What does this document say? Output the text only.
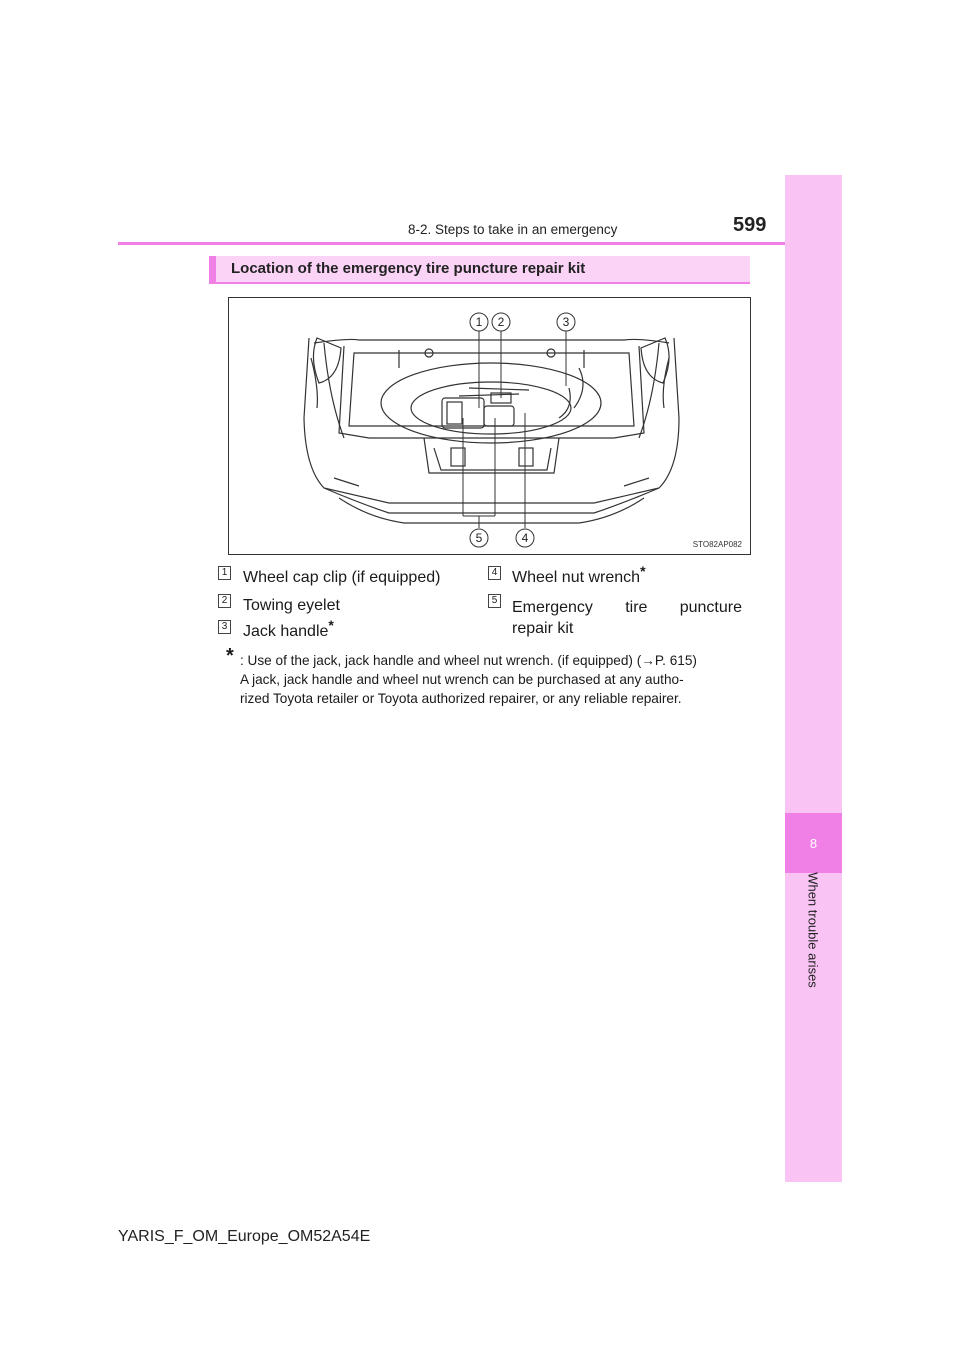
8
When trouble arises
8-2. Steps to take in an emergency	599
Location of the emergency tire puncture repair kit
1 2	3
4
5	STO82AP082
1 Wheel cap clip (if equipped)
2 Towing eyelet
3 Jack handle*
4 Wheel nut wrench*
5 Emergency tire puncture
repair kit
* : Use of the jack, jack handle and wheel nut wrench. (if equipped) (→P. 615)
A jack, jack handle and wheel nut wrench can be purchased at any autho-
rized Toyota retailer or Toyota authorized repairer, or any reliable repairer.
YARIS_F_OM_Europe_OM52A54E
